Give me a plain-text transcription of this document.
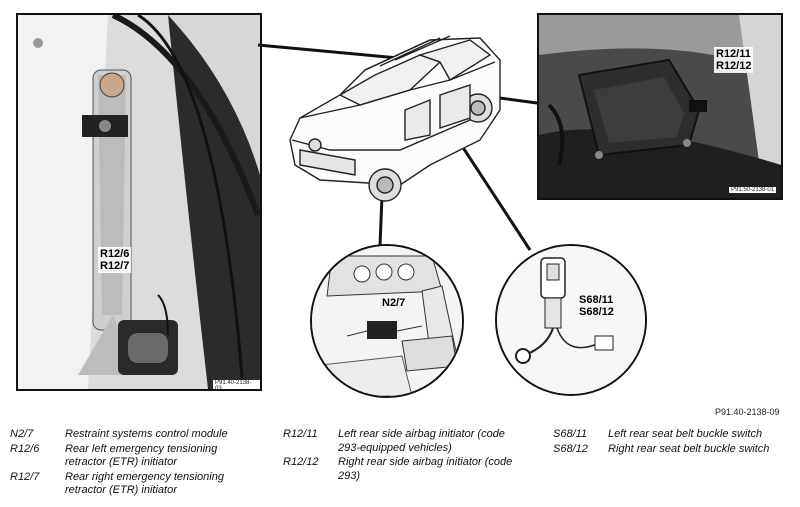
R12/6
R12/7
P91.40-2138-03
R12/11
R12/12
P91.50-2138-01
N2/7	S68/11
S68/12
P91.40-2138-09
N2/7	Restraint systems control module
R12/6 Rear left emergency tensioning retractor (ETR) initiator
R12/7 Rear right emergency tensioning retractor (ETR) initiator
R12/11 Left rear side airbag initiator (code 293-equipped vehicles)
R12/12 Right rear side airbag initiator (code 293)
S68/11 Left rear seat belt buckle switch
S68/12 Right rear seat belt buckle switch
